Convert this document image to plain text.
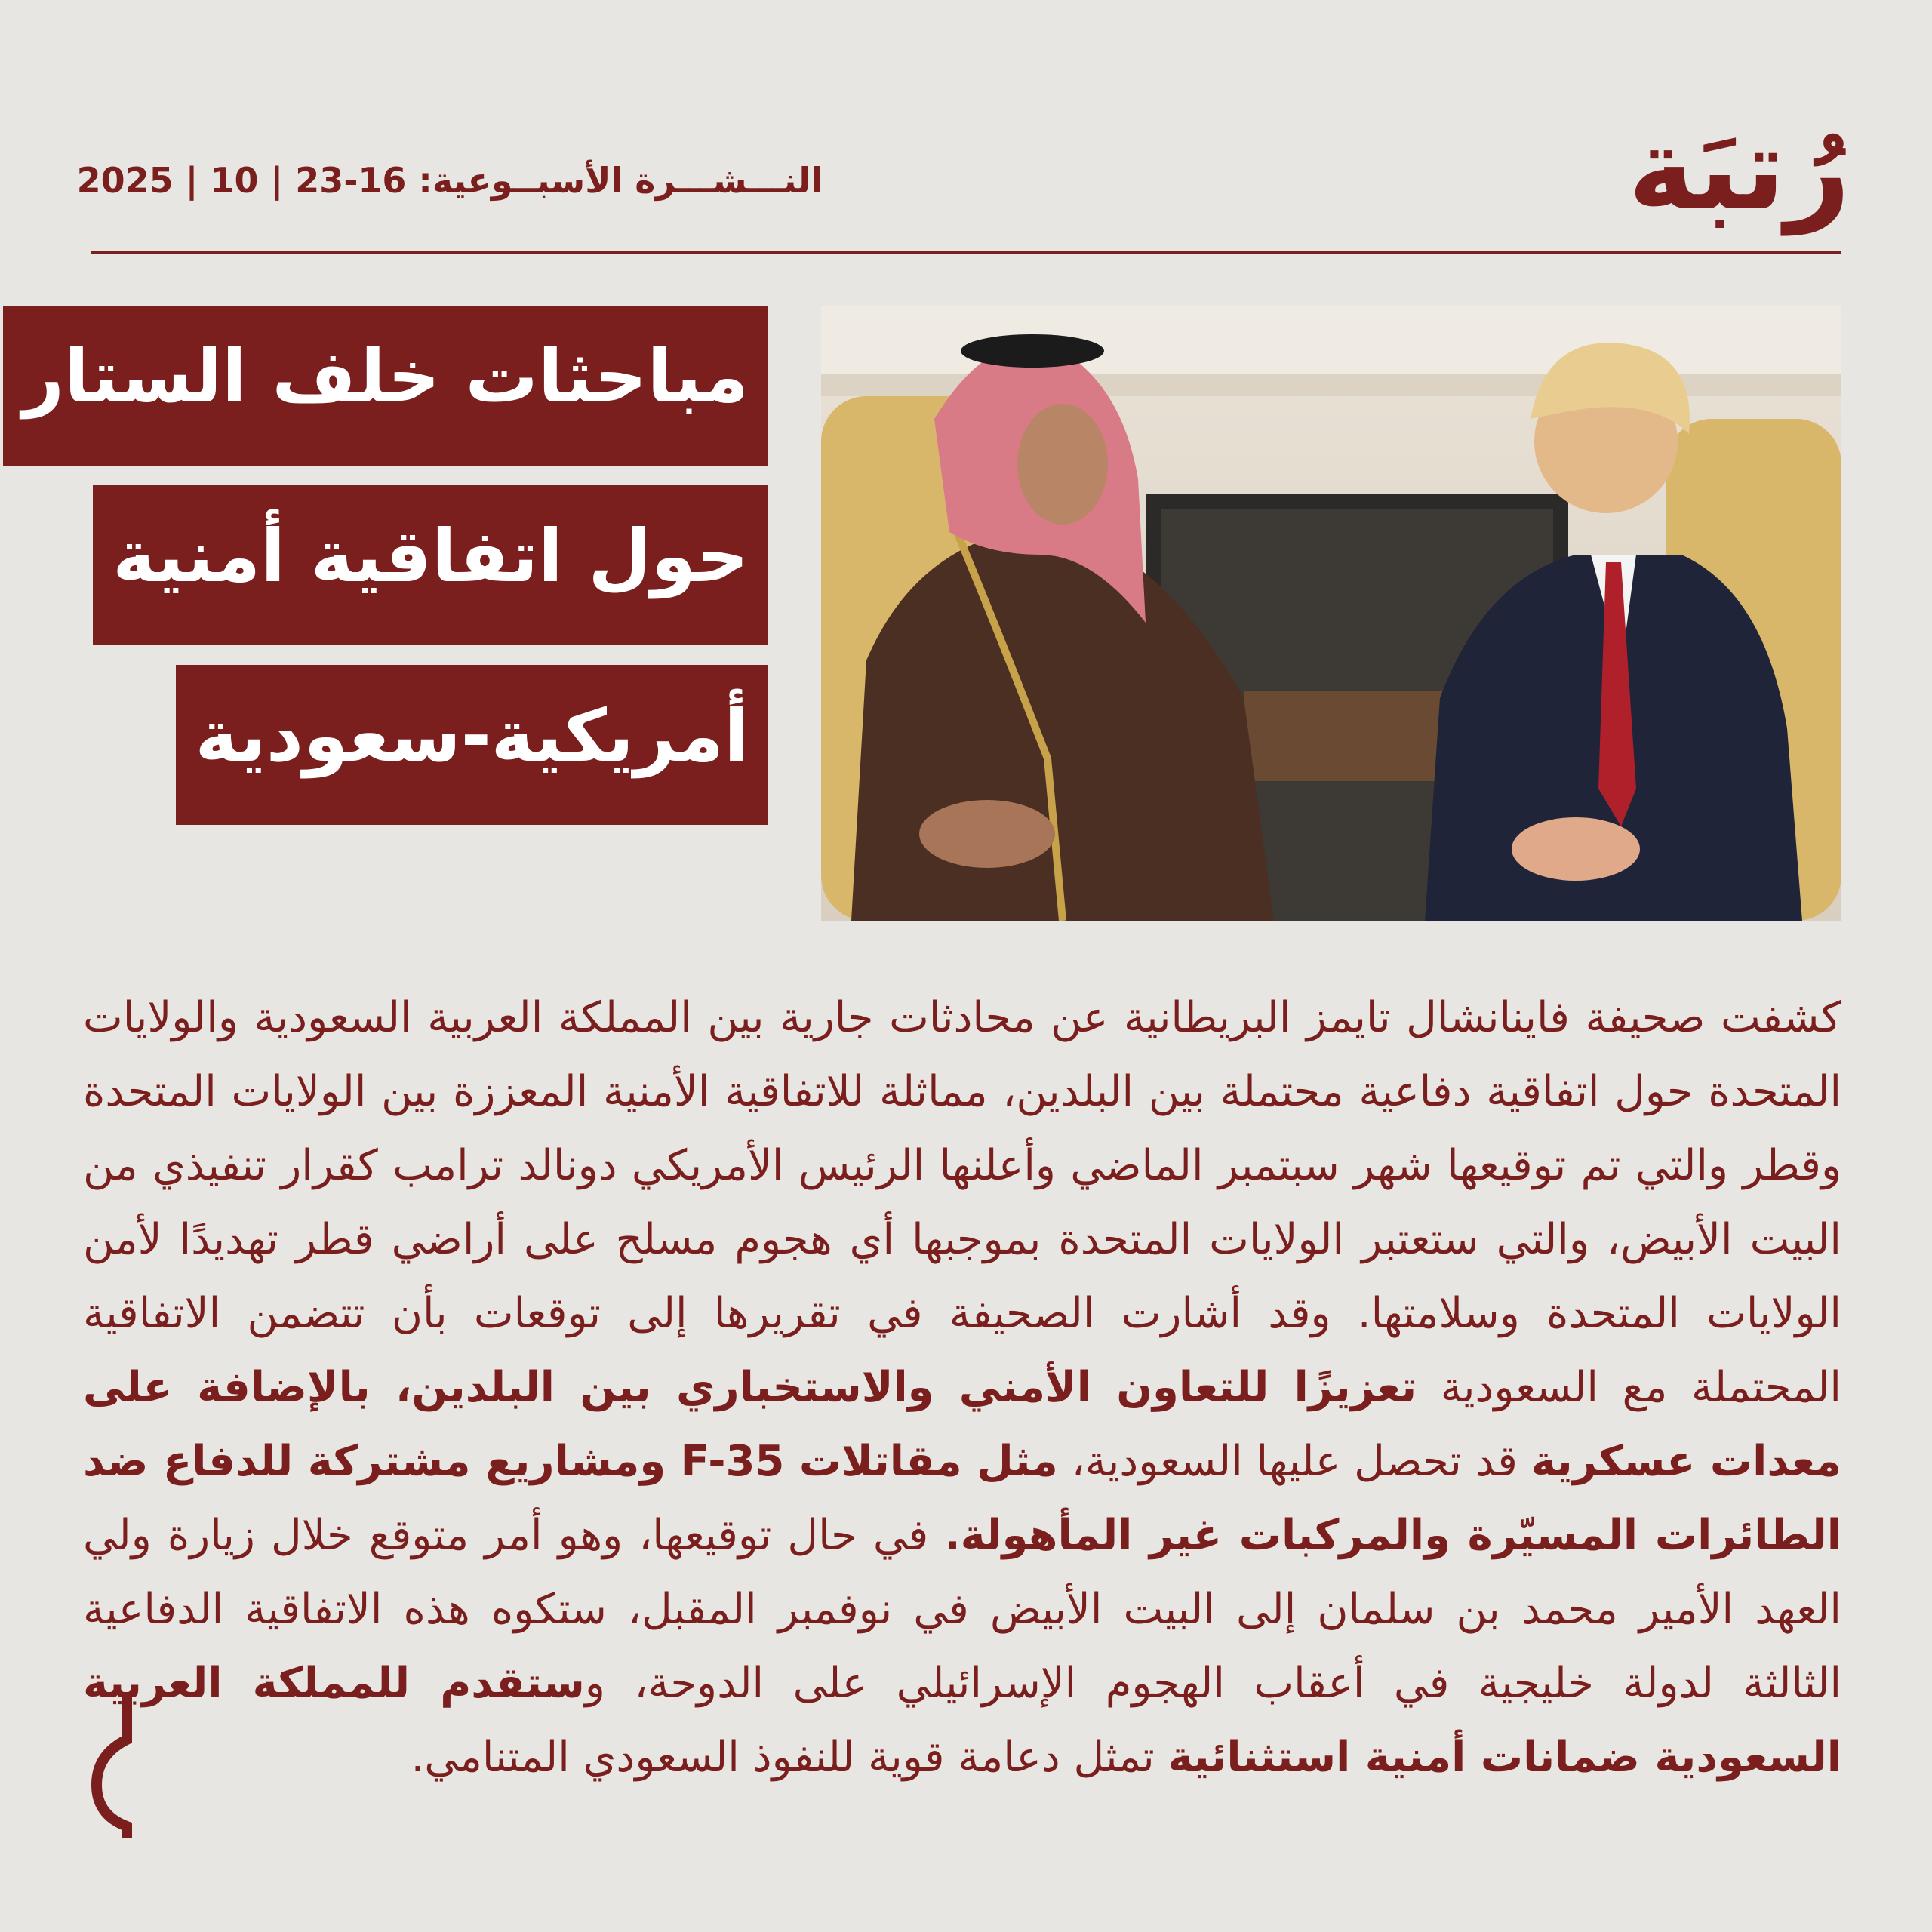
رُتبَة
النـــشـــرة الأسبــوعية: 16-23 | 10 | 2025
مباحثات خلف الستار
حول اتفاقية أمنية
أمريكية-سعودية
كشفت صحيفة فاينانشال تايمز البريطانية عن محادثات جارية بين المملكة العربية السعودية والولايات المتحدة حول اتفاقية دفاعية محتملة بين البلدين، مماثلة للاتفاقية الأمنية المعززة بين الولايات المتحدة وقطر والتي تم توقيعها شهر سبتمبر الماضي وأعلنها الرئيس الأمريكي دونالد ترامب كقرار تنفيذي من البيت الأبيض، والتي ستعتبر الولايات المتحدة بموجبها أي هجوم مسلح على أراضي قطر تهديدًا لأمن الولايات المتحدة وسلامتها. وقد أشارت الصحيفة في تقريرها إلى توقعات بأن تتضمن الاتفاقية المحتملة مع السعودية تعزيزًا للتعاون الأمني والاستخباري بين البلدين، بالإضافة على معدات عسكرية قد تحصل عليها السعودية، مثل مقاتلات F-35 ومشاريع مشتركة للدفاع ضد الطائرات المسيّرة والمركبات غير المأهولة. في حال توقيعها، وهو أمر متوقع خلال زيارة ولي العهد الأمير محمد بن سلمان إلى البيت الأبيض في نوفمبر المقبل، ستكوه هذه الاتفاقية الدفاعية الثالثة لدولة خليجية في أعقاب الهجوم الإسرائيلي على الدوحة، وستقدم للمملكة العربية السعودية ضمانات أمنية استثنائية تمثل دعامة قوية للنفوذ السعودي المتنامي.
